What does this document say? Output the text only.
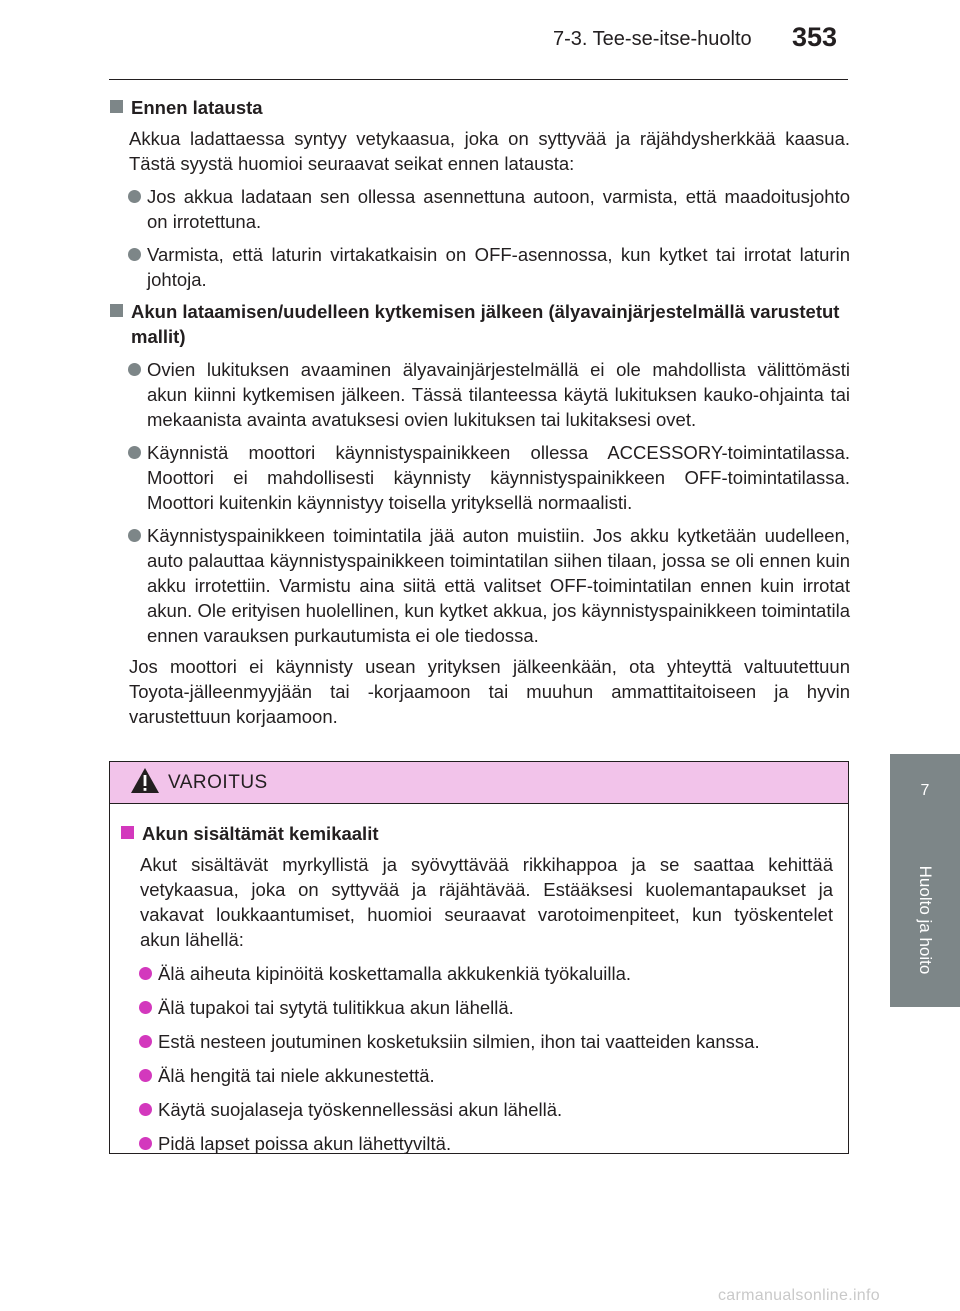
7-3. Tee-se-itse-huolto 353
7
Huolto ja hoito
Ennen latausta
Akkua ladattaessa syntyy vetykaasua, joka on syttyvää ja räjähdysherkkää kaasua. Tästä syystä huomioi seuraavat seikat ennen latausta:
Jos akkua ladataan sen ollessa asennettuna autoon, varmista, että maadoitusjohto on irrotettuna.
Varmista, että laturin virtakatkaisin on OFF-asennossa, kun kytket tai irrotat laturin johtoja.
Akun lataamisen/uudelleen kytkemisen jälkeen (älyavainjärjestelmällä varustetut mallit)
Ovien lukituksen avaaminen älyavainjärjestelmällä ei ole mahdollista välittömästi akun kiinni kytkemisen jälkeen. Tässä tilanteessa käytä lukituksen kauko-ohjainta tai mekaanista avainta avatuksesi ovien lukituksen tai lukitaksesi ovet.
Käynnistä moottori käynnistyspainikkeen ollessa ACCESSORY-toimintatilassa. Moottori ei mahdollisesti käynnisty käynnistyspainikkeen OFF-toimintatilassa. Moottori kuitenkin käynnistyy toisella yrityksellä normaalisti.
Käynnistyspainikkeen toimintatila jää auton muistiin. Jos akku kytketään uudelleen, auto palauttaa käynnistyspainikkeen toimintatilan siihen tilaan, jossa se oli ennen kuin akku irrotettiin. Varmistu aina siitä että valitset OFF-toimintatilan ennen kuin irrotat akun. Ole erityisen huolellinen, kun kytket akkua, jos käynnistyspainikkeen toimintatila ennen varauksen purkautumista ei ole tiedossa.
Jos moottori ei käynnisty usean yrityksen jälkeenkään, ota yhteyttä valtuutettuun Toyota-jälleenmyyjään tai -korjaamoon tai muuhun ammattitaitoiseen ja hyvin varustettuun korjaamoon.
VAROITUS
Akun sisältämät kemikaalit
Akut sisältävät myrkyllistä ja syövyttävää rikkihappoa ja se saattaa kehittää vetykaasua, joka on syttyvää ja räjähtävää. Estääksesi kuolemantapaukset ja vakavat loukkaantumiset, huomioi seuraavat varotoimenpiteet, kun työskentelet akun lähellä:
Älä aiheuta kipinöitä koskettamalla akkukenkiä työkaluilla.
Älä tupakoi tai sytytä tulitikkua akun lähellä.
Estä nesteen joutuminen kosketuksiin silmien, ihon tai vaatteiden kanssa.
Älä hengitä tai niele akkunestettä.
Käytä suojalaseja työskennellessäsi akun lähellä.
Pidä lapset poissa akun lähettyviltä.
carmanualsonline.info
